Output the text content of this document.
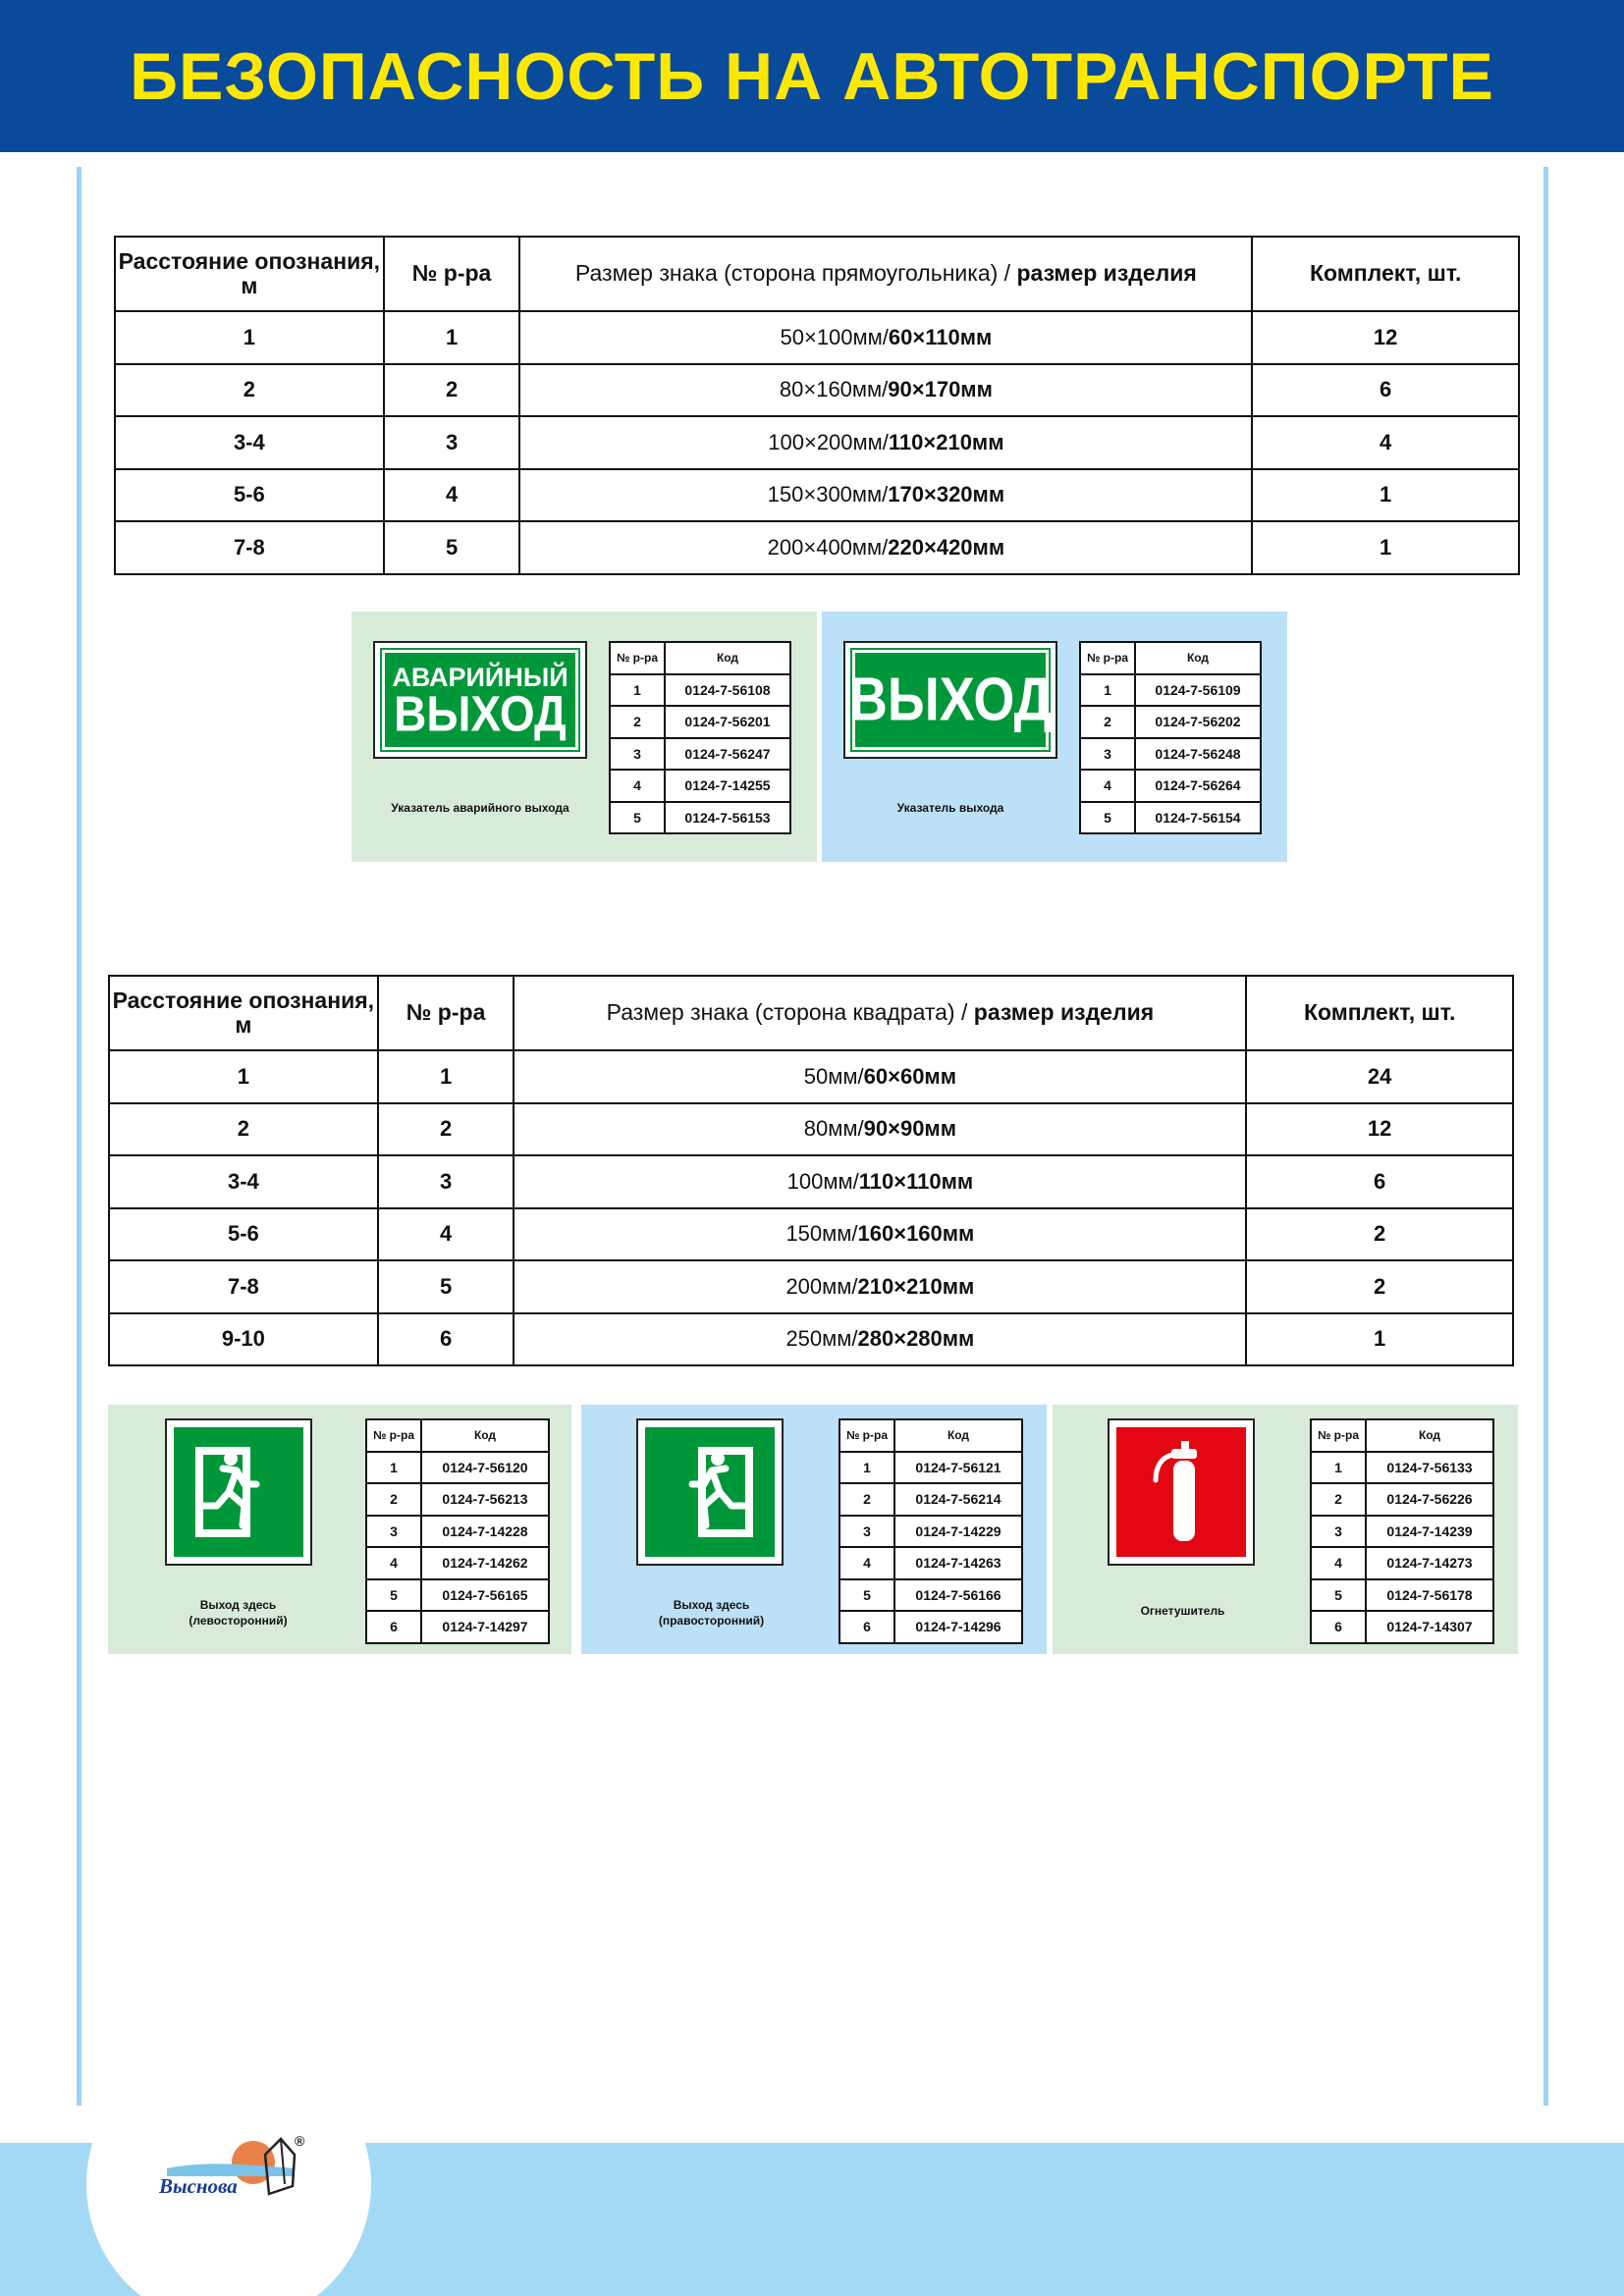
БЕЗОПАСНОСТЬ НА АВТОТРАНСПОРТЕ
Расстояние опознания, м	№ р-ра	Размер знака (сторона прямоугольника) / размер изделия	Комплект, шт.
1	1	50×100мм/60×110мм	12
2	2	80×160мм/90×170мм	6
3-4	3	100×200мм/110×210мм	4
5-6	4	150×300мм/170×320мм	1
7-8	5	200×400мм/220×420мм	1
АВАРИЙНЫЙ
ВЫХОД
Указатель аварийного выхода
№ р-ра	Код
1	0124-7-56108
2	0124-7-56201
3	0124-7-56247
4	0124-7-14255
5	0124-7-56153
ВЫХОД
Указатель выхода
№ р-ра	Код
1	0124-7-56109
2	0124-7-56202
3	0124-7-56248
4	0124-7-56264
5	0124-7-56154
Расстояние опознания, м	№ р-ра	Размер знака (сторона квадрата) / размер изделия	Комплект, шт.
1	1	50мм/60×60мм	24
2	2	80мм/90×90мм	12
3-4	3	100мм/110×110мм	6
5-6	4	150мм/160×160мм	2
7-8	5	200мм/210×210мм	2
9-10	6	250мм/280×280мм	1
Выход здесь
(левосторонний)
№ р-ра	Код
1	0124-7-56120
2	0124-7-56213
3	0124-7-14228
4	0124-7-14262
5	0124-7-56165
6	0124-7-14297
Выход здесь
(правосторонний)
№ р-ра	Код
1	0124-7-56121
2	0124-7-56214
3	0124-7-14229
4	0124-7-14263
5	0124-7-56166
6	0124-7-14296
Огнетушитель
№ р-ра	Код
1	0124-7-56133
2	0124-7-56226
3	0124-7-14239
4	0124-7-14273
5	0124-7-56178
6	0124-7-14307
Выснова
®
